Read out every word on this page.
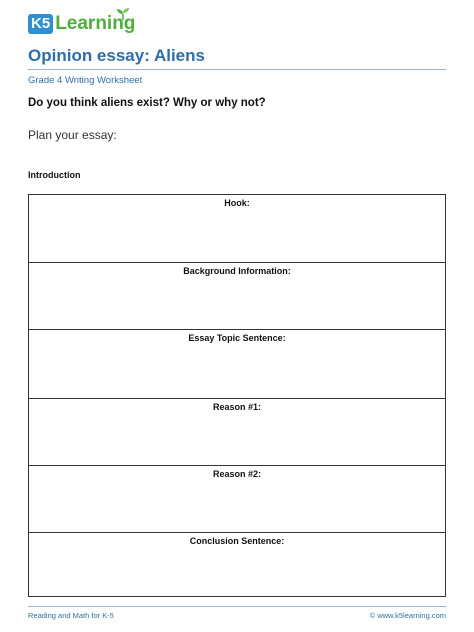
K5 Learning
Opinion essay: Aliens
Grade 4 Writing Worksheet
Do you think aliens exist? Why or why not?
Plan your essay:
Introduction
Hook:
Background Information:
Essay Topic Sentence:
Reason #1:
Reason #2:
Conclusion Sentence:
Reading and Math for K-5	© www.k5learning.com
